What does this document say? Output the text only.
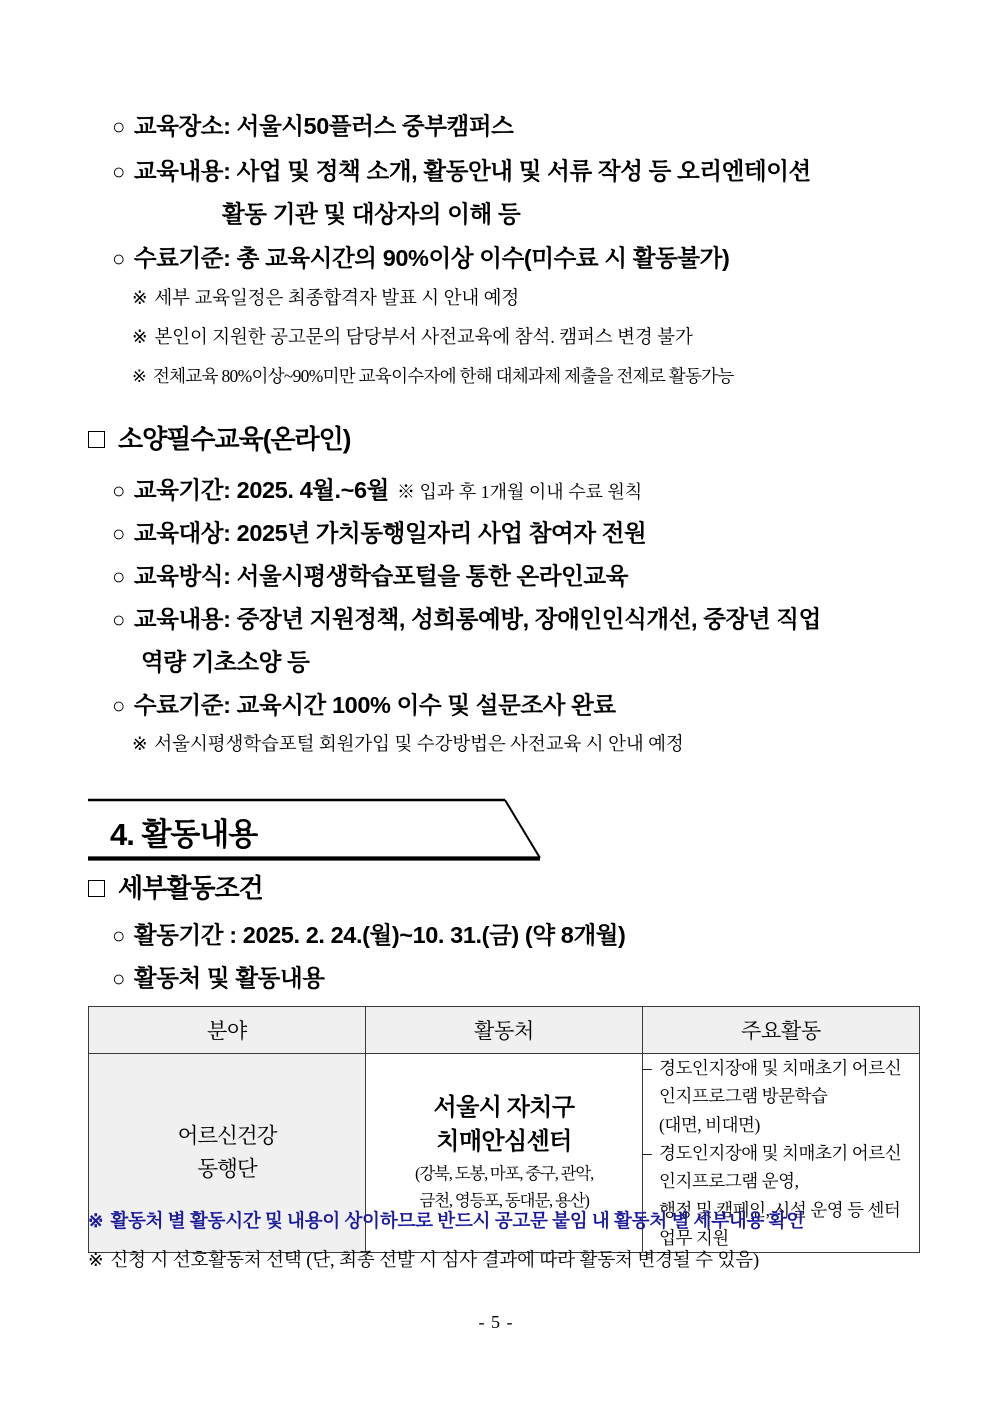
○ 교육장소: 서울시50플러스 중부캠퍼스
○ 교육내용: 사업 및 정책 소개, 활동안내 및 서류 작성 등 오리엔테이션
활동 기관 및 대상자의 이해 등
○ 수료기준: 총 교육시간의 90%이상 이수(미수료 시 활동불가)
※ 세부 교육일정은 최종합격자 발표 시 안내 예정
※ 본인이 지원한 공고문의 담당부서 사전교육에 참석. 캠퍼스 변경 불가
※ 전체교육 80%이상~90%미만 교육이수자에 한해 대체과제 제출을 전제로 활동가능
소양필수교육(온라인)
○ 교육기간: 2025. 4월.~6월 ※ 입과 후 1개월 이내 수료 원칙
○ 교육대상: 2025년 가치동행일자리 사업 참여자 전원
○ 교육방식: 서울시평생학습포털을 통한 온라인교육
○ 교육내용: 중장년 지원정책, 성희롱예방, 장애인인식개선, 중장년 직업
역량 기초소양 등
○ 수료기준: 교육시간 100% 이수 및 설문조사 완료
※ 서울시평생학습포털 회원가입 및 수강방법은 사전교육 시 안내 예정
4. 활동내용
세부활동조건
○ 활동기간 : 2025. 2. 24.(월)~10. 31.(금) (약 8개월)
○ 활동처 및 활동내용
분야	활동처	주요활동

어르신건강
동행단

서울시 자치구
치매안심센터
(강북, 도봉, 마포, 중구, 관악,
금천, 영등포, 동대문, 용산)

– 경도인지장애 및 치매초기 어르신 인지프로그램 방문학습
(대면, 비대면)
– 경도인지장애 및 치매초기 어르신 인지프로그램 운영,
행정 및 캠페인, 시설 운영 등 센터 업무 지원
※ 활동처 별 활동시간 및 내용이 상이하므로 반드시 공고문 붙임 내 활동처 별 세부내용 확인
※ 신청 시 선호활동처 선택 (단, 최종 선발 시 심사 결과에 따라 활동처 변경될 수 있음)
- 5 -
